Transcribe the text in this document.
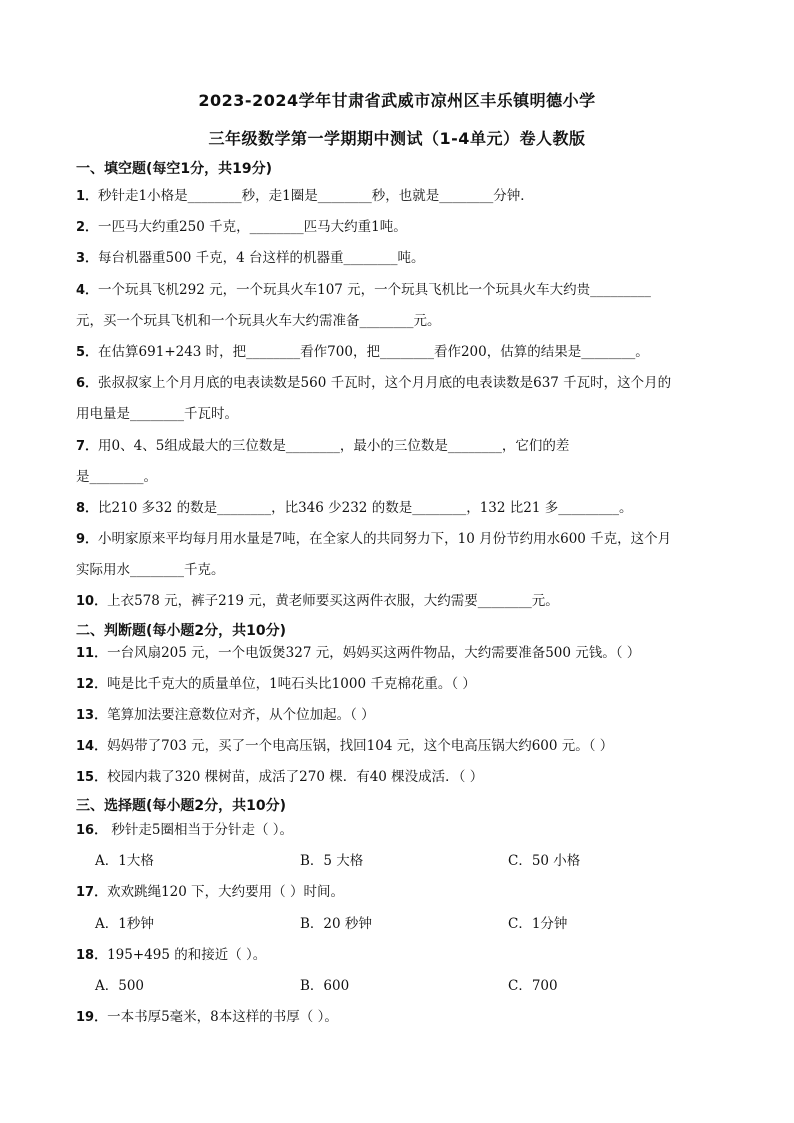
2023-2024学年甘肃省武威市凉州区丰乐镇明德小学
三年级数学第一学期期中测试（1-4单元）卷人教版
一、填空题(每空1分，共19分)
1．秒针走1小格是________秒，走1圈是________秒，也就是________分钟．
2．一匹马大约重250 千克，________匹马大约重1吨。
3．每台机器重500 千克，4 台这样的机器重________吨。
4．一个玩具飞机292 元，一个玩具火车107 元，一个玩具飞机比一个玩具火车大约贵_________
元，买一个玩具飞机和一个玩具火车大约需准备________元。
5．在估算691+243 时，把________看作700，把________看作200，估算的结果是________。
6．张叔叔家上个月月底的电表读数是560 千瓦时，这个月月底的电表读数是637 千瓦时，这个月的
用电量是________千瓦时。
7．用0、4、5组成最大的三位数是________，最小的三位数是________，它们的差
是________。
8．比210 多32 的数是________，比346 少232 的数是________，132 比21 多_________。
9．小明家原来平均每月用水量是7吨，在全家人的共同努力下，10 月份节约用水600 千克，这个月
实际用水________千克。
10．上衣578 元，裤子219 元，黄老师要买这两件衣服，大约需要________元。
二、判断题(每小题2分，共10分)
11．一台风扇205 元，一个电饭煲327 元，妈妈买这两件物品，大约需要准备500 元钱。（ ）
12．吨是比千克大的质量单位，1吨石头比1000 千克棉花重。（ ）
13．笔算加法要注意数位对齐，从个位加起。（ ）
14．妈妈带了703 元，买了一个电高压锅，找回104 元，这个电高压锅大约600 元。（ ）
15．校园内栽了320 棵树苗，成活了270 棵．有40 棵没成活．（ ）
三、选择题(每小题2分，共10分)
16． 秒针走5圈相当于分针走（ ）。
A．1大格	B．5 大格	C．50 小格
17．欢欢跳绳120 下，大约要用（ ）时间。
A．1秒钟	B．20 秒钟	C．1分钟
18．195+495 的和接近（ ）。
A．500	B．600	C．700
19．一本书厚5毫米，8本这样的书厚（ ）。
